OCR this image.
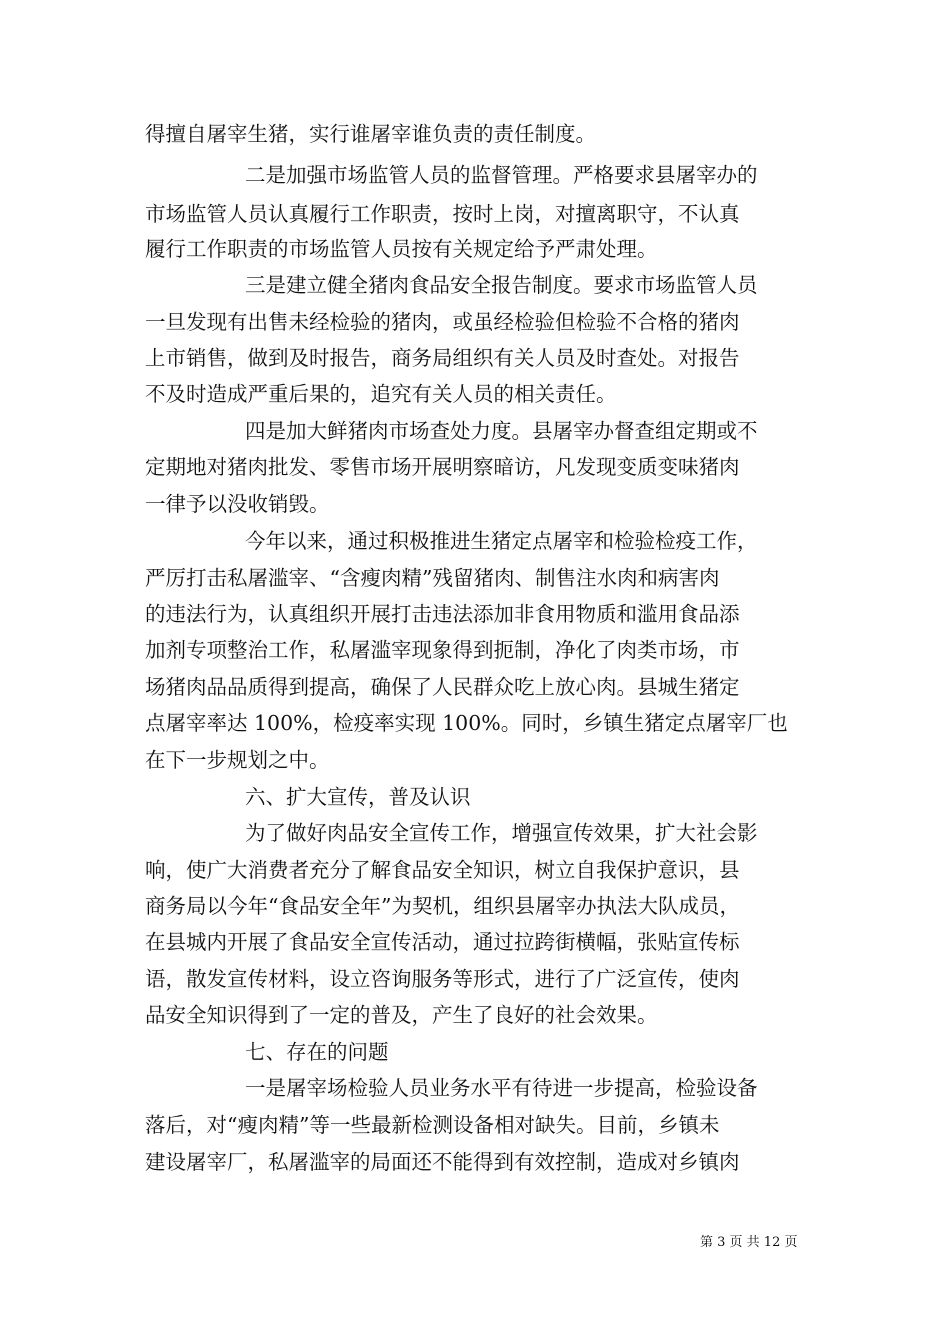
得擅自屠宰生猪，实行谁屠宰谁负责的责任制度。
二是加强市场监管人员的监督管理。严格要求县屠宰办的
市场监管人员认真履行工作职责，按时上岗，对擅离职守，不认真
履行工作职责的市场监管人员按有关规定给予严肃处理。
三是建立健全猪肉食品安全报告制度。要求市场监管人员
一旦发现有出售未经检验的猪肉，或虽经检验但检验不合格的猪肉
上市销售，做到及时报告，商务局组织有关人员及时查处。对报告
不及时造成严重后果的，追究有关人员的相关责任。
四是加大鲜猪肉市场查处力度。县屠宰办督查组定期或不
定期地对猪肉批发、零售市场开展明察暗访，凡发现变质变味猪肉
一律予以没收销毁。
今年以来，通过积极推进生猪定点屠宰和检验检疫工作，
严厉打击私屠滥宰、“含瘦肉精”残留猪肉、制售注水肉和病害肉
的违法行为，认真组织开展打击违法添加非食用物质和滥用食品添
加剂专项整治工作，私屠滥宰现象得到扼制，净化了肉类市场，市
场猪肉品品质得到提高，确保了人民群众吃上放心肉。县城生猪定
点屠宰率达 100%，检疫率实现 100%。同时，乡镇生猪定点屠宰厂也
在下一步规划之中。
六、扩大宣传，普及认识
为了做好肉品安全宣传工作，增强宣传效果，扩大社会影
响，使广大消费者充分了解食品安全知识，树立自我保护意识，县
商务局以今年“食品安全年”为契机，组织县屠宰办执法大队成员，
在县城内开展了食品安全宣传活动，通过拉跨街横幅，张贴宣传标
语，散发宣传材料，设立咨询服务等形式，进行了广泛宣传，使肉
品安全知识得到了一定的普及，产生了良好的社会效果。
七、存在的问题
一是屠宰场检验人员业务水平有待进一步提高，检验设备
落后，对“瘦肉精”等一些最新检测设备相对缺失。目前，乡镇未
建设屠宰厂，私屠滥宰的局面还不能得到有效控制，造成对乡镇肉
第 3 页 共 12 页
